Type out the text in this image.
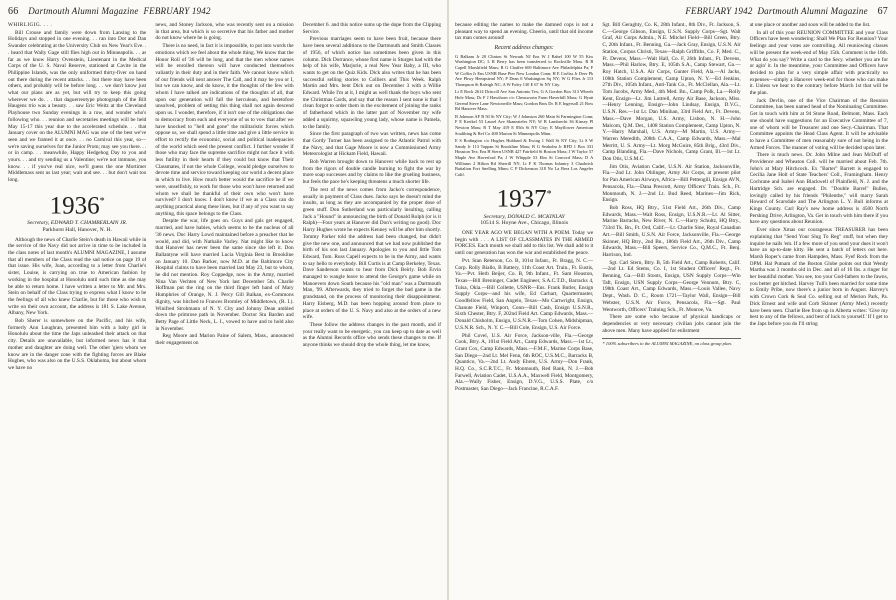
66 Dartmouth Alumni Magazine FEBRUARY 1942

WHIRLIGIG. . . .

Bill Crouse and family were down from Lansing to the Holidays and stopped in one evening. . . ran into Dot and Dan Swander celebrating at the University Club on New Year's Eve. . . heard that Wally Gage still flies high out in Minneapolis. . . as far as we know Harry Ovenstein, Lieutenant in the Medical Corps of the U. S. Naval Reserve, stationed at Cavite in the Philippine Islands, was the only uniformed thirty-fiver on hand out there during the recent attacks. . . but there may have been others, and probably will be before long. . . we don't know just what our plans are as yet, but will try to keep this going wherever we do. . . that daguerreotype photograph of the Bill Haugens trio was a beauty. . . saw Eric Weitz at the Cleveland Playhouse two Sunday evenings in a row, and wonder who's following who. . . reunion and secretaries meetings will be held May 15-17 this year due to the accelerated schedule. . . that January cover on the ALUMNI MAG was one of the best we've seen and we framed it at once. . . no Carnival this year, so—we're saving ourselves for the Junior Prom; may see you there. . . or in camp. . . meanwhile, Happy Hedgehog Day to you and yours. . . and try sending us a Valentine; we're not immune, you know. . . if you've real nice, we'll guess the one Mortimer Middlemass sent us last year; wait and see. . . but don't wait too long.

1936*
Secretary, EDWARD T. CHAMBERLAIN JR.
Parkhurst Hall, Hanover, N. H.

Although the news of Charlie Stein's death in Hawaii while in the service of the Navy did not arrive in time to be included in the class notes of last month's ALUMNI MAGAZINE, I assume that all members of the Class read the sad notice on page 19 of that issue. His wife, Joan, according to a letter from Charlie's sister, Louise, is carrying on true to American fashion by working in the hospital at Honolulu until such time as she may be able to return home. I have written a letter to Mr. and Mrs. Stein on behalf of the Class trying to express what I know to be the feelings of all who knew Charlie, but for those who wish to write on their own account, the address is 181 S. Lake Avenue, Albany, New York.

Bob Sherer is somewhere on the Pacific, and his wife, formerly Ann Loughran, presented him with a baby girl in Honolulu about the time the Japs unleashed their attack on that city. Details are unavailable, but informed news has it that mother and daughter are doing well. The other 'giers whom we know are in the danger zone with the fighting forces are Blake Hughes, who was also on the U.S.S. Oklahoma, but about whom we have no

news, and Stoney Jackson, who was recently sent on a mission in that area, but which is so secretive that his father and mother do not know where he is going.

There is no need, in fact it is impossible, to put into words the emotions which we feel about the whole thing. We know that the Honor Roll of '36 will be long, and that the men whose names will be enrolled thereon will have conducted themselves valiantly in their duty and in their faith. We cannot know which of our friends will next answer The Call, and it may be you or I, but we can know, and do know, it the thoughts of the few with whom I have talked are indications of the thoughts of all, that upon our generation will fall the herculean, and heretofore unsolved, problem of setting this thing shall not again descend upon us. I wonder, therefore, if it isn't one of the obligations due to democracy from each and everyone of us to vow that after we have knocked to "hell and gone" the militaristic forces which oppose us, we shall spend a little time and give a little service in effort to rectify the economic, social and political inadequacies of the world which seed the present conflict. I further wonder if those who may face the supreme sacrifice might not face it with less futility in their hearts if they could but know that Their Classmates, if not the whole College, would pledge ourselves to devote time and service toward keeping our world a decent place in which to live. How much better would the sacrifice be if we were, unselfishly, to work for those who won't have returned and whom we shall be thankful of their own who won't have survived? I don't know. I don't know if we as a Class can do anything practical along these lines, but if any of you want to say anything, this space belongs to the Class.

Despite the war, life goes on. Guys and gals get engaged, married, and have babies, which seems to be the nucleus of all '36 news. Doc Harry Lowd maintained before a preacher that he would, and did, with Nathalie Varley. Nat might like to know that Hanover has never been the same since she left it. Don Ballantyne will have married Lucia Virginia Best in Brookline on January 10. Dan Barker, now M.D. at the Baltimore City Hospital claims to have been married last May 23, but to whom, he did not mention. Roy Coppedge, now in the Army, married Nina Van Vechten of New York last December 5th. Charlie Hoffman put the ring on the third finger left hand of Mary Humphries of Orange, N. J. Percy Gill Balkan, ex-Commons dignity, was hitched to Frances Bromley of Middletown, (R. I.). Winifred Strohmann of N. Y. City and Johnny Dean ambled down the primrose path in November. Doctor Stu Barden and Betty Page of Little Neck, L. I., vowed to have and to hold also in November.

Reg Moore and Marion Paine of Salem, Mass., announced their engagement on

December 6. and this notice sums up the dope from the Clipping Service.

Previous marriages seem to have been fruit, because there have been several additions to the Dartmouth and Smith Classes of 1956, of which notice has sometimes been given in this column. Dick Dorrance, whose first name is Sturges had with the help of his wife, Marjorie, a real New Year Baby, a III, who wants to get on the Quiz Kids. Dick also writes that he has been successful selling stories to Colliers and This Week. Ralph Martin and Mrs. bent Dick out on December 3 with a Willie Edward. While I'm at it, I might as well thank the boys who sent me Christmas Cards, and say that the reason I sent none is that I clean forgot to order them in the excitement of joining the ranks of fatherhood which in the latter part of November my wife added a squirmy, squawling young lady, whose name is Pamela, to the family.

Since the first paragraph of two was written, news has come that Gordy Turner has been assigned to the Atlantic Patrol with the Navy, and that Gage Moore is now a Commissioned Army Meteorologist at Hickam Field, Hawaii.

Bob Warren brought down to Hanover while back to rest up from the rigors of double candle burning to fight the war by more soap successes and by claims to like the grueling business, but feels the pace he's keeping threatens a much shorter life.

The rest of the news comes from Jacko's correspondence, usually in payment of Class dues. Jacko says he doesn't mind the insults, as long as they are accompanied by the proper dose of green stuff. Don Sutherland was particularly insulting, calling Jack a "Hound" in announcing the birth of Donald Rolph (or is it Ralph)—Four years at Hanover did Don's writing no good). Doc Harry Hughes wrote he expects Kenney will be after him shortly. Tommy Parker told the address had been changed, but didn't give the new one, and announced that we had now published the birth of his son last January. Apologies to you and little Tom Edward, Tom. Russ Capell expects to be in the Army, and wants to say hello to everybody. Bill Curtis is at Camp Berkeley, Texas. Dave Sanderson wants to hear from Dick Beirly. Bob Ervin managed to wangle leave to attend the George's game while on Manoevers down South because his "old man" was a Dartmouth Man, '99. Afterwards, they tried to forget the bad game in the grandstand, on the process of monitoring their disappointment. Harry Eisberg, M.D. has been hopping around from place to place at orders of the U. S. Navy and also at the orders of a new wife.

These follow the address changes in the past month, and if your really want to be energetic, you can keep up to date as well as the Alumni Records office who sends these changes to me. If anyone thinks we should drop the whole thing, let me know,

FEBRUARY 1942 Dartmouth Alumni Magazine 67

because editing the names to make the damned cops is not a pleasant way to spend an evening. Cheerio, until that old income tax man comes around!

Recent address changes:

G Balkam Jr 20 Clinton St Newark NJ Ens W J Babel 100 W 55 Kiw Washington DC; L R Berry has been transferred to Rockville Mass. R B Capell Marshfield Mass; R G Chaffee 669 Baltimore Ave Philadelphia Pa; F W Coffin Jr Ens USNR Base Pier New London Conn; H E Corliss Jr Deer Pk Ave Pkwy Hempstead NY; P Dean 6 Washington Sq NY; W G Flies Jr 113 Thompson St Raleigh NC; A W Foley 130 E 67 St NY City.

Lt E Rock 2614 Driscoll Ave San Antonio Tex; G A Gordon Box 313 Wheels Hole Mass; Dr F J Hawthorn c/o Cheaswortn Farm Haverhill Mass; G Hyatt Gerend Steve Lane Newtonville Mass; Gordon Bros Dr. R E Ingersoll 21 Bow Rd Hanover Mass.

B Johnson AF B 50 St NY City; W J Johnston 260 Main St Farmington Conn; F E Kreikel 53 Laurel Ave Skaneateles NY; W B Lambrecht 36 Kinsey Pl Newton Mass; R T May 419 E 85th St NY City; E Mayflower American Soulthing & Ref Co 400 Marion St Minneapolis Minn.

E S Rodington c/o Hughes Hubbard & Ewing 1 Wall St NY City; Lt S W Sandy Jr 113 Tappan St Brookline Mass; B G Seaholm Jr RFD 1 Box 331 Houston Tex; Ens H Stern USNR 427 Fairfield St Boston Mass; J W Taylor 57 Maple Ave Haverford Pa; J W Whipple 53 Elm St Concord Mass; D A Williams 2 Hilton Rd Sherrill NY; Lt F K Thomas Infantry 3 Chadwick Battalion Fort Snelling Minn; C P Dickenson 318 No La Brea Los Angeles Calif.

1937*
Secretary, DONALD C. MCKINLAY
10514 S. Hoyne Ave., Chicago, Illinois

ONE YEAR AGO WE BEGAN WITH A POEM. Today we begin with . . . A LIST OF CLASSMATES IN THE ARMED FORCES. Each month we shall add to this list. We shall add to it until our generation has won the war and established the peace.

Pvt. Stan Reterson, Co. B, 101st Infant., Ft. Bragg, N. C.—Corp. Rolly Biallo, B Battery, 11th Coast Art. Train., Ft. Eustis, Va.—Pvt. Herb Beijer, Co. B, 9th Infant., Ft. Sam Houston, Texas—Bill Breninger, Cadet Engineer, S.A.C.T.D., Barracks 4, Tulsa, Okla.—Bill Collette, USNR—Ens. Frank Butler, Ensign Supply Corps—and his wife, Ed Carhart, Quartermaster, Goodfellow Field, San Angelo, Texas—Mo Cartwright, Ensign, Chanute Field, Winport, Conn—Bill Cash, Ensign U.S.N.R., Sixth Chester, Btry. F, 202nd Field Art. Camp Edwards, Mass.—Donald Chisholm, Ensign, U.S.N.R.—Tom Cohen, Midshipman, U.S.N.R. Sch., N. Y. C.—Bill Cole, Ensign, U.S. Air Force.

Phil Covel, U.S. Air Force, Jackson-ville, Fla.—George Cook, Btry. A, 101st Field Art., Camp Edwards, Mass.—1st Lt., Grant Cox, Camp Edwards, Mass.—F.M.F., Marine Corps Base, San Diego—2nd Lt. Mel Fenn, 6th ROC, U.S.M.C., Barracks B, Quantico, Va.—2nd Lt. Andy Ehren, U.S. Army—Don Frank, H.Q. Co., S.C.R.T.C., Ft. Monmouth, Red Bank, N. J.—Bob Farwell, Aviation Cadet, U.S.A.A., Maxwell Field, Montgomery, Ala.—Wally Fisher, Ensign, D.V.G., U.S.S. Plate, c/o Postmaster, San Diego—Jack Francine, R.C.A.F.

Sgt. Bill Geraghty, Co. K, 28th Infant., 8th Div., Ft. Jackson, S. C.—George Gibson, Ensign, U.S.N. Supply Corps—Sgt. Walt Graf, Air Corps Admin., N.E. Mitchel Field—Bill Green, Btry. C, 20th Infant., Ft. Benning, Ga.—Jack Gray, Ensign, U.S.N. Air Station, Corpus Christi, Texas—Ralph Griffiths, Co. F, Med. C., Ft. Devens, Mass.—Walt Hall, Co. F, 26th Infant., Ft. Devens, Mass.—Phil Harlow, Btry. E, 105th S.A., Camp Stewart, Ga.—Roy Hatch, U.S.A. Air Corps, Gunter Field, Ala.—Al Jacks, 108th Station Complement, Camp Upton, N. Y.—Ed Jenkins, 27th Div., 105th Infant., Anti-Tank Co., Ft. McClellan, Ala.—Lt. Tom Jacobs, Army Med., 4th Med. Bn., Camp Polk, La.—Rolly Kent, Ensign—Lt. Jim Luttrell, Army Air Base, Jackson, Miss.—Henry Lenning, Ensign—John Lindsay, Ensign, D.V.G., U.S.N. Res.—1st Lt. Dan Minihan, 33rd Field Art., Ft. Devens, Mass.—Dave Morgan, U.S. Army, Lisbon, N. H.—John Malcom, Q.M. Det., 1408 Station Complement, Camp Upton, N. Y.—Harry Marshall, U.S. Army—M Martin, U.S. Army—Warren Meredith, 208th C.A.A., Camp Edwards, Mass.—Mal Merritt, U. S. Army—Lt. Morg McGuire, 85th Brig., 43rd Div., Camp Blanding, Fla.—Dave Nichols, Camp Grant, Ill.—1st Lt. Don Otis, U.S.M.C.

Jim Otis, Aviation Cadet, U.S.N. Air Station, Jacksonville, Fla.—2nd Lt. John Ohlinger, Army Air Corps, at present pilot for Pan American Airways, Africa—Bill Pettengill, Ensign AVN, Pensacola, Fla.—Dana Prescott, Army Officers' Train. Sch., Ft. Monmouth, N. J.—2nd Lt. Bud Reed, Marines—Jim Rick, Ensign.

Bob Ross, HQ Btry., 51st Field Art., 26th Div., Camp Edwards, Mass.—Walt Ross, Ensign, U.S.N.R.—Lt. Al Sitter, Marine Barracks, New River, N. C.—Harry Schultz, HQ Btry., 733rd Tk. Bn., Ft. Ord, Calif.—Lt. Charlie Sine, Royal Canadian Art.—Bill Smith, U.S.N. Air Force, Jacksonville, Fla.—George Skinner, HQ Btry., 2nd Bn., 186th Field Art., 26th Div., Camp Edwards, Mass.—Bill Speers, Service Co., Q.M.C., Ft. Benj. Harrison, Ind.

Sgt. Carl Stern, Btry. B, 5th Field Art., Camp Roberts, Calif.—2nd Lt. Ed Stems, Co. I, 1st Student Officers' Regt., Ft. Benning, Ga.—Bill Stoots, Ensign, USN Supply Corps—Win Taft, Ensign, USN Supply Corps—George Vennum, Btry. C, 198th Coast Art., Camp Edwards, Mass.—Louis Vallee, Navy Dept., Wash. D. C., Room 1721—Taylor Wall, Ensign—Bill Webster, U.S.N. Air Force, Pensacola, Fla.—Sgt. Paul Wentworth, Officers' Training Sch., Ft. Monroe, Va.

There are some who because of physical handicaps or dependencies or very necessary civilian jobs cannot join the above men. Many have applied for enlistment

* 100% subscribers to the ALUMNI MAGAZINE, on class group plan.

at one place or another and soon will be added to the list.

In all of this your REUNION COMMITTEE and your Class Officers have been wondering: Shall We Plan For Reunion? Your feelings and your votes are controlling. All reuniowing classes will be present the week-end of May 15th. Comment is the 16th. What do you say? Write a card to the Secy. whether you are for or agin' it. In the meantime, your Committee and Officers have decided to plan for a very simple affair with practically no expenses—simply a Hanover week-end for those who can make it. Unless we hear to the contrary before March 1st that will be the plan.

Jack Devlin, one of the Vice Chairman of the Reunion Committee, has been named head of the Nominating Committee. Get in touch with him at 94 Stone Road, Belmont, Mass. Each one should have suggestions for an Executive Committee of 7, one of whom will be Treasurer and one Secy.-Chairman. That Committee appoints the Head Class Agent. It will be advisable to have a Committee of men reasonably sure of not being in the Armed Forces. The manner of voting will be decided upon later.

There is much news. Dr. John Milne and Jean McDuff of Providence and Wheaton Coll. will be married about Feb. 7th. John's at Mary Hitchcock. Ex "Barter" Barrett is engaged to Cecilia Jane Holt of State Teachers' Coll., Framingham. Henry Cochrane and Isabel Ann Blackwell of Plainfield, N. J. and the Hartridge Sch. are engaged. Dr. "Double Barrel" Bullen, lovingly called by his friends "Philenthe," will marry Sarah Howard of Scarsdale and The Arlington L. Y. Bull informs at Kings County. Carl Ray's new home address is 4500 North Pershing Drive, Arlington, Va. Get in touch with him there if you have any questions about Reunion.

Ever since Xmas our courageous TREASURER has been explaining that "Send Your Slug To Reg" stuff, but when they inquire he nails 'em. If a few more of you send your dues it won't have an up-to-date kitty. He sent a batch of letters out here. Marsh Roper's came from Hampden, Mass. Fyef Rock from the OPM. Hal Putnam of the Boston Globe points out that Wendy Martha was 3 months old in Dec. and all of 16 lbs. a ringer for her beautiful mother. You see, too your God-fathers to the fawns, you better get hitched. Harvey Tull's been married for some time to Emily Pribe, now there's a junior born in August. Harvey's with Crown Cork & Seal Co. selling out of Merion Park, Pa. Dick Ernest and wife and Corb Skinner (Army Med.) recently have been seen. Charlie Bee from up in Alberta writes: 'Give my best to any of the fellows, and best of luck to yourself.' If I get to the Japs before you do I'll string
